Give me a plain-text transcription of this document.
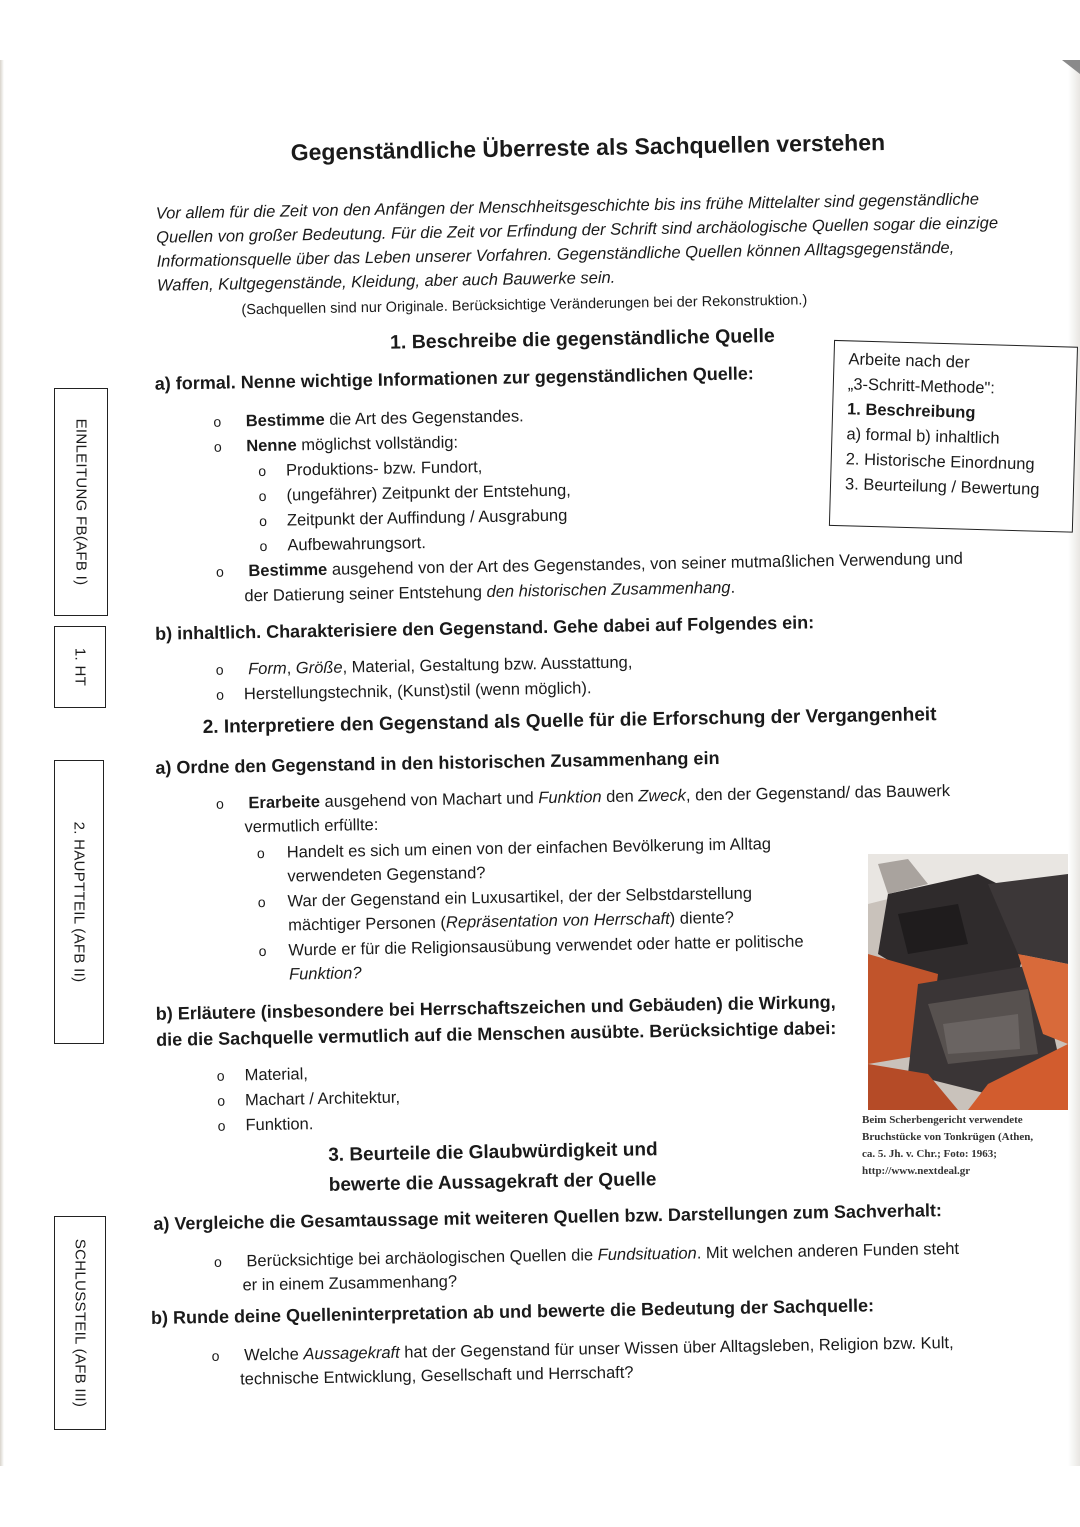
EINLEITUNG FB(AFB I)
1. HT
2. HAUPTTEIL (AFB II)
SCHLUSSTEIL (AFB III)
Gegenständliche Überreste als Sachquellen verstehen
Vor allem für die Zeit von den Anfängen der Menschheitsgeschichte bis ins frühe Mittelalter sind gegenständliche
Quellen von großer Bedeutung. Für die Zeit vor Erfindung der Schrift sind archäologische Quellen sogar die einzige
Informationsquelle über das Leben unserer Vorfahren. Gegenständliche Quellen können Alltagsgegenstände,
Waffen, Kultgegenstände, Kleidung, aber auch Bauwerke sein.
(Sachquellen sind nur Originale. Berücksichtige Veränderungen bei der Rekonstruktion.)
1. Beschreibe die gegenständliche Quelle
a) formal. Nenne wichtige Informationen zur gegenständlichen Quelle:
o Bestimme die Art des Gegenstandes.
o Nenne möglichst vollständig:
o Produktions- bzw. Fundort,
o (ungefährer) Zeitpunkt der Entstehung,
o Zeitpunkt der Auffindung / Ausgrabung
o Aufbewahrungsort.
o Bestimme ausgehend von der Art des Gegenstandes, von seiner mutmaßlichen Verwendung und
der Datierung seiner Entstehung den historischen Zusammenhang.
b) inhaltlich. Charakterisiere den Gegenstand. Gehe dabei auf Folgendes ein:
o Form, Größe, Material, Gestaltung bzw. Ausstattung,
o Herstellungstechnik, (Kunst)stil (wenn möglich).
2. Interpretiere den Gegenstand als Quelle für die Erforschung der Vergangenheit
a) Ordne den Gegenstand in den historischen Zusammenhang ein
o Erarbeite ausgehend von Machart und Funktion den Zweck, den der Gegenstand/ das Bauwerk
vermutlich erfüllte:
o Handelt es sich um einen von der einfachen Bevölkerung im Alltag
verwendeten Gegenstand?
o War der Gegenstand ein Luxusartikel, der der Selbstdarstellung
mächtiger Personen (Repräsentation von Herrschaft) diente?
o Wurde er für die Religionsausübung verwendet oder hatte er politische
Funktion?
b) Erläutere (insbesondere bei Herrschaftszeichen und Gebäuden) die Wirkung,
die die Sachquelle vermutlich auf die Menschen ausübte. Berücksichtige dabei:
o Material,
o Machart / Architektur,
o Funktion.
3. Beurteile die Glaubwürdigkeit und
bewerte die Aussagekraft der Quelle
a) Vergleiche die Gesamtaussage mit weiteren Quellen bzw. Darstellungen zum Sachverhalt:
o Berücksichtige bei archäologischen Quellen die Fundsituation. Mit welchen anderen Funden steht
er in einem Zusammenhang?
b) Runde deine Quelleninterpretation ab und bewerte die Bedeutung der Sachquelle:
o Welche Aussagekraft hat der Gegenstand für unser Wissen über Alltagsleben, Religion bzw. Kult,
technische Entwicklung, Gesellschaft und Herrschaft?
Arbeite nach der
„3-Schritt-Methode":
1. Beschreibung
a) formal b) inhaltlich
2. Historische Einordnung
3. Beurteilung / Bewertung
Beim Scherbengericht verwendete
Bruchstücke von Tonkrügen (Athen,
ca. 5. Jh. v. Chr.; Foto: 1963;
http://www.nextdeal.gr
